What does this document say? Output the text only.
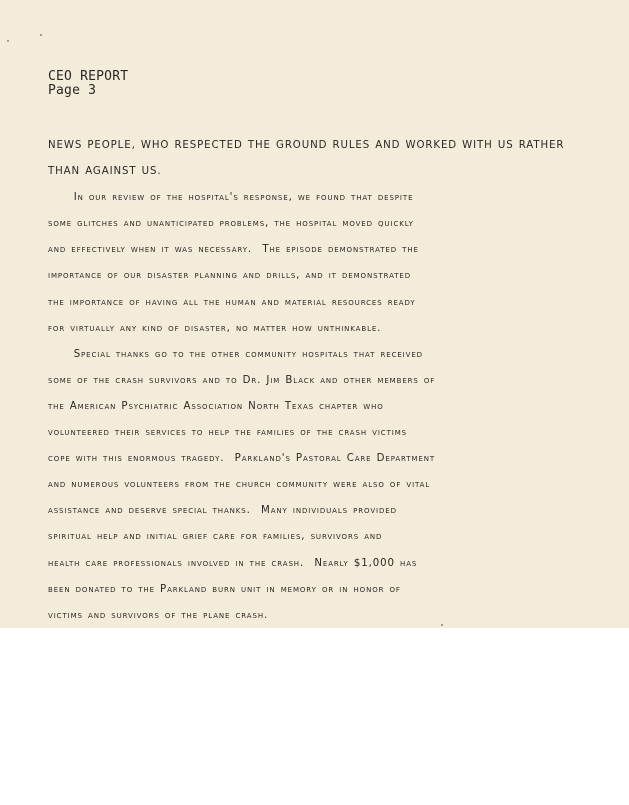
CEO REPORT
Page 3
NEWS PEOPLE, WHO RESPECTED THE GROUND RULES AND WORKED WITH US RATHER
THAN AGAINST US.
In our review of the hospital's response, we found that despite
some glitches and unanticipated problems, the hospital moved quickly
and effectively when it was necessary.  The episode demonstrated the
importance of our disaster planning and drills, and it demonstrated
the importance of having all the human and material resources ready
for virtually any kind of disaster, no matter how unthinkable.
Special thanks go to the other community hospitals that received
some of the crash survivors and to Dr. Jim Black and other members of
the American Psychiatric Association North Texas chapter who
volunteered their services to help the families of the crash victims
cope with this enormous tragedy.  Parkland's Pastoral Care Department
and numerous volunteers from the church community were also of vital
assistance and deserve special thanks.  Many individuals provided
spiritual help and initial grief care for families, survivors and
health care professionals involved in the crash.  Nearly $1,000 has
been donated to the Parkland burn unit in memory or in honor of
victims and survivors of the plane crash.
